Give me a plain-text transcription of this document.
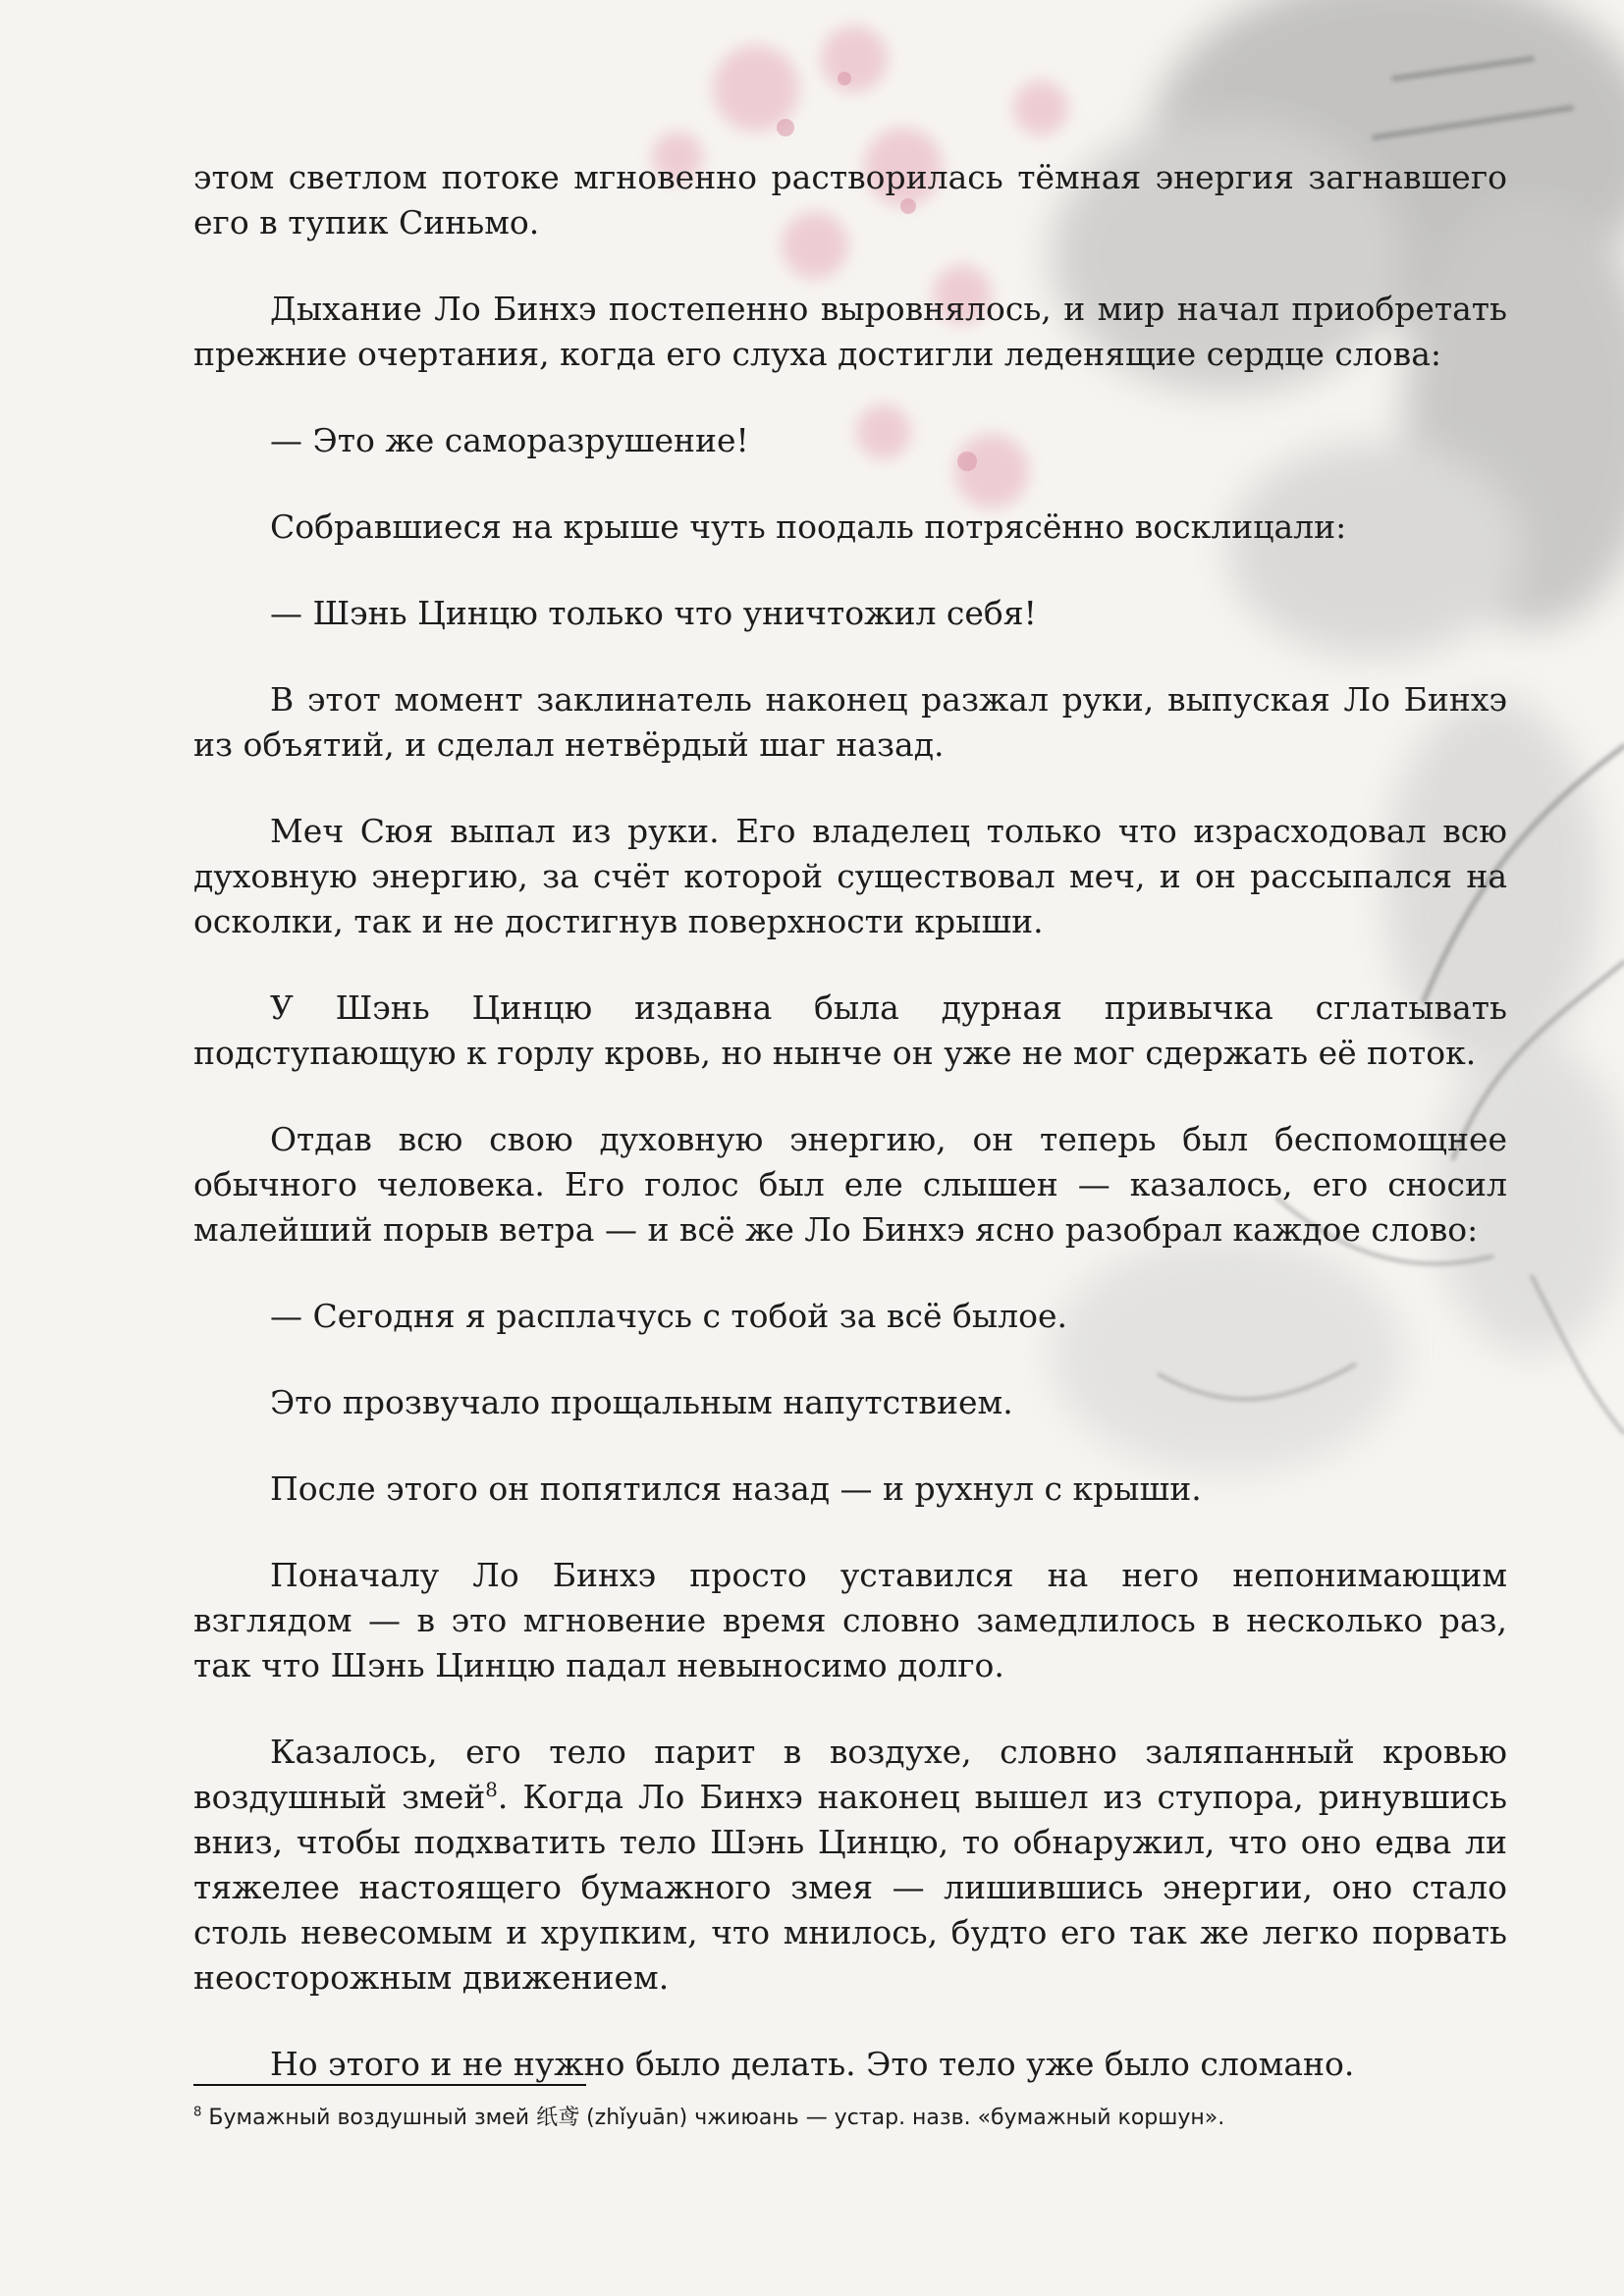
этом светлом потоке мгновенно растворилась тёмная энергия загнавшего его в тупик Синьмо.

Дыхание Ло Бинхэ постепенно выровнялось, и мир начал приобретать прежние очертания, когда его слуха достигли леденящие сердце слова:

— Это же саморазрушение!

Собравшиеся на крыше чуть поодаль потрясённо восклицали:

— Шэнь Цинцю только что уничтожил себя!

В этот момент заклинатель наконец разжал руки, выпуская Ло Бинхэ из объятий, и сделал нетвёрдый шаг назад.

Меч Сюя выпал из руки. Его владелец только что израсходовал всю духовную энергию, за счёт которой существовал меч, и он рассыпался на осколки, так и не достигнув поверхности крыши.

У Шэнь Цинцю издавна была дурная привычка сглатывать подступающую к горлу кровь, но нынче он уже не мог сдержать её поток.

Отдав всю свою духовную энергию, он теперь был беспомощнее обычного человека. Его голос был еле слышен — казалось, его сносил малейший порыв ветра — и всё же Ло Бинхэ ясно разобрал каждое слово:

— Сегодня я расплачусь с тобой за всё былое.

Это прозвучало прощальным напутствием.

После этого он попятился назад — и рухнул с крыши.

Поначалу Ло Бинхэ просто уставился на него непонимающим взглядом — в это мгновение время словно замедлилось в несколько раз, так что Шэнь Цинцю падал невыносимо долго.

Казалось, его тело парит в воздухе, словно заляпанный кровью воздушный змей$^8$. Когда Ло Бинхэ наконец вышел из ступора, ринувшись вниз, чтобы подхватить тело Шэнь Цинцю, то обнаружил, что оно едва ли тяжелее настоящего бумажного змея — лишившись энергии, оно стало столь невесомым и хрупким, что мнилось, будто его так же легко порвать неосторожным движением.

Но этого и не нужно было делать. Это тело уже было сломано.

$^8$ Бумажный воздушный змей 纸鸢 (zhǐyuān) чжиюань — устар. назв. «бумажный коршун».
